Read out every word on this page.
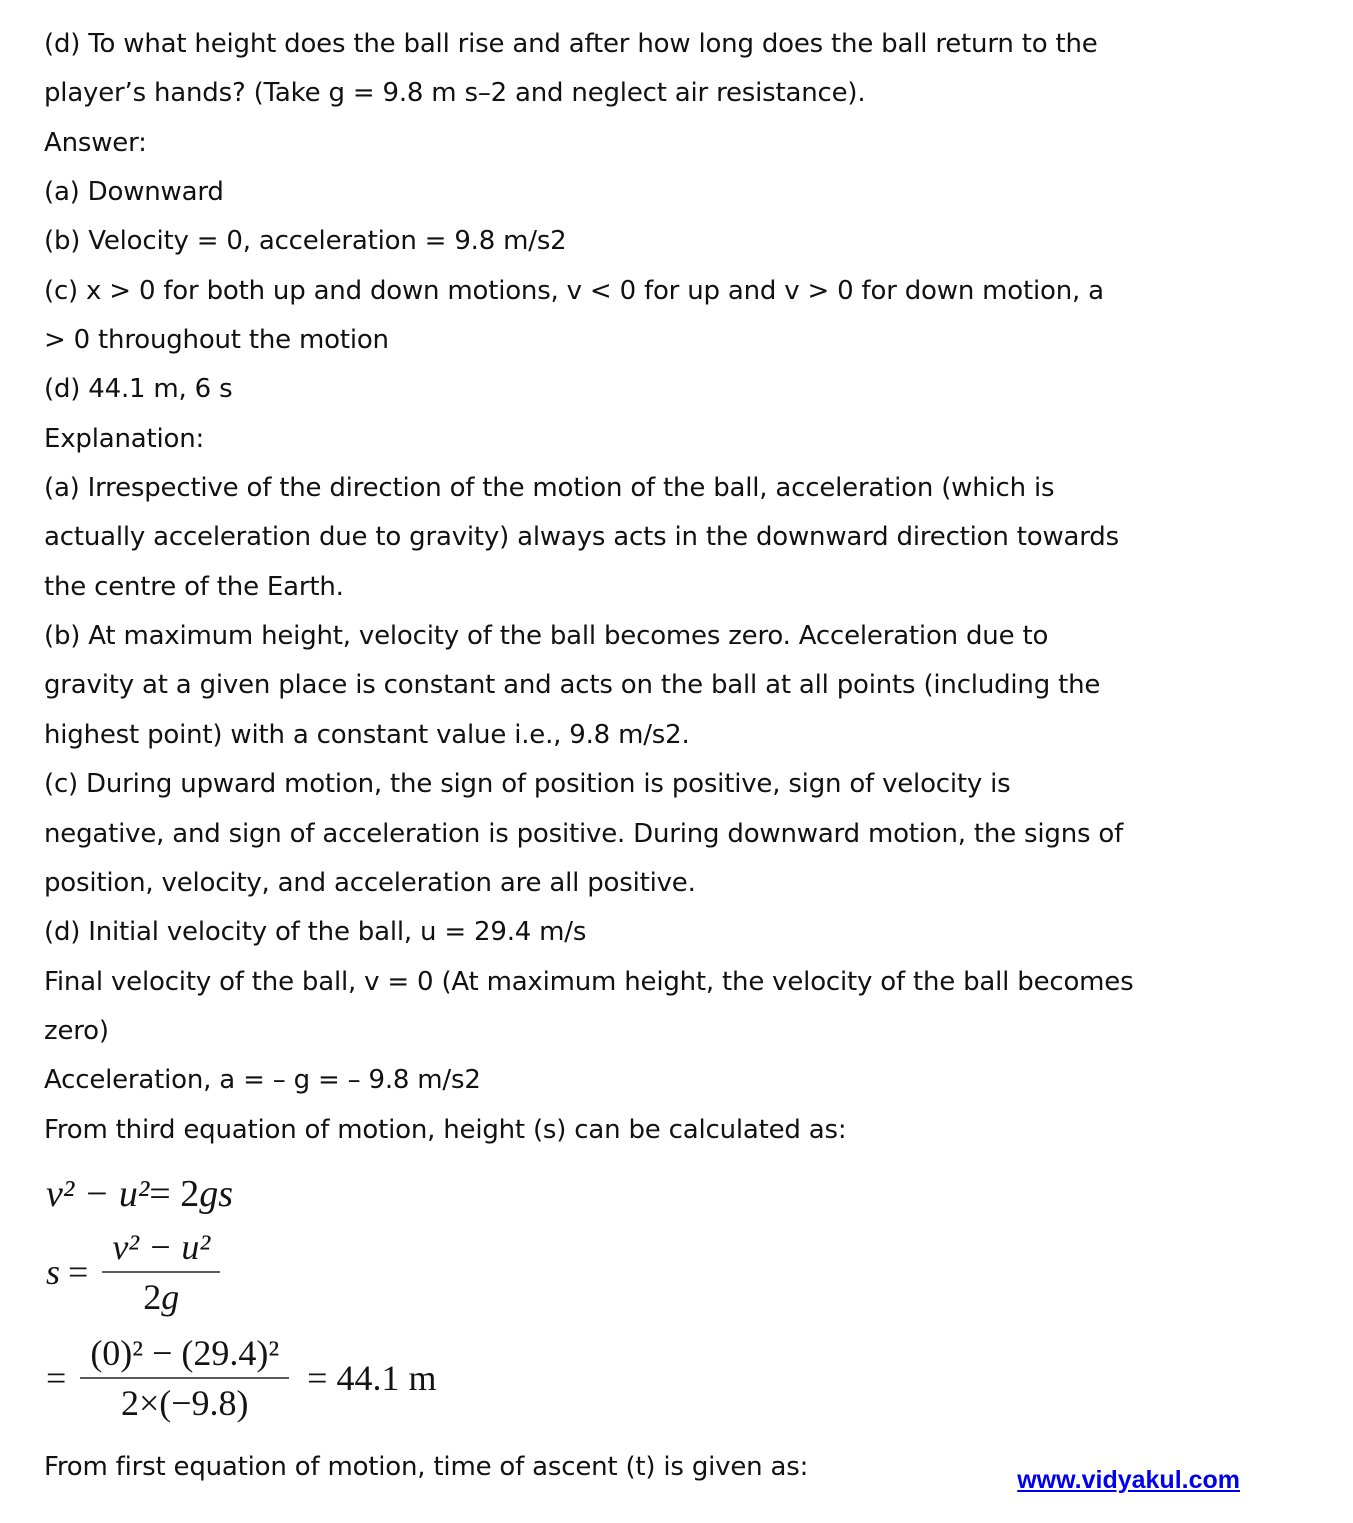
(d) To what height does the ball rise and after how long does the ball return to the
player’s hands? (Take g = 9.8 m s–2 and neglect air resistance).
Answer:
(a) Downward
(b) Velocity = 0, acceleration = 9.8 m/s2
(c) x > 0 for both up and down motions, v < 0 for up and v > 0 for down motion, a
> 0 throughout the motion
(d) 44.1 m, 6 s
Explanation:
(a) Irrespective of the direction of the motion of the ball, acceleration (which is
actually acceleration due to gravity) always acts in the downward direction towards
the centre of the Earth.
(b) At maximum height, velocity of the ball becomes zero. Acceleration due to
gravity at a given place is constant and acts on the ball at all points (including the
highest point) with a constant value i.e., 9.8 m/s2.
(c) During upward motion, the sign of position is positive, sign of velocity is
negative, and sign of acceleration is positive. During downward motion, the signs of
position, velocity, and acceleration are all positive.
(d) Initial velocity of the ball, u = 29.4 m/s
Final velocity of the ball, v = 0 (At maximum height, the velocity of the ball becomes
zero)
Acceleration, a = – g = – 9.8 m/s2
From third equation of motion, height (s) can be calculated as:
v² − u² = 2 gs
$s = \frac{\text{v² − u²}}{2g}$
= $\frac{\text{(0)² − (29.4)²}}{2\times(-9.8)} = 44.1$ m
From first equation of motion, time of ascent (t) is given as:	www.vidyakul.com
